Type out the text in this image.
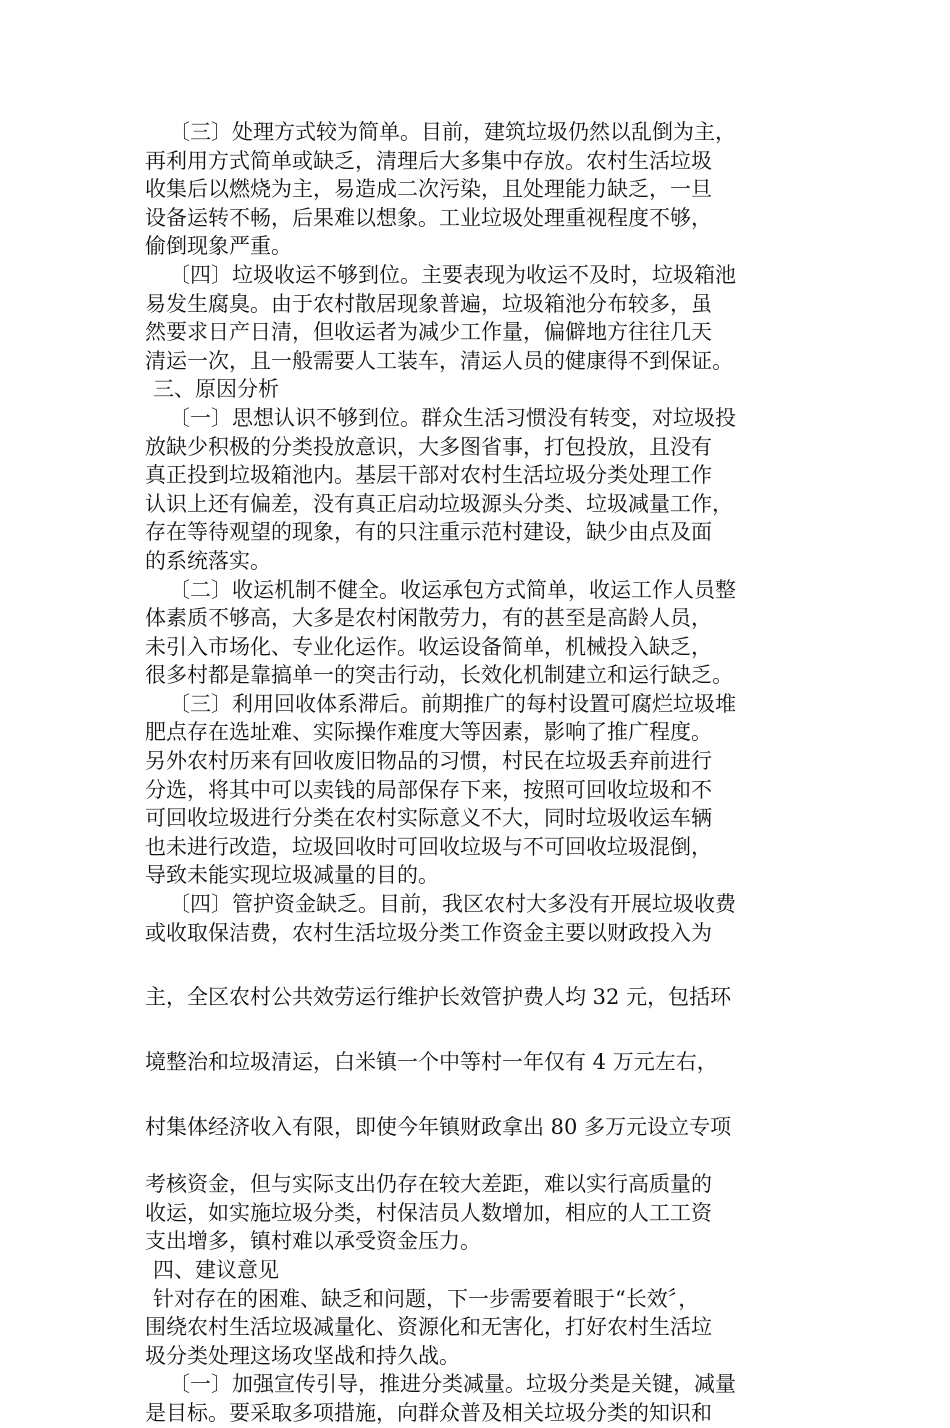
〔三〕处理方式较为简单。目前，建筑垃圾仍然以乱倒为主，
再利用方式简单或缺乏，清理后大多集中存放。农村生活垃圾
收集后以燃烧为主，易造成二次污染，且处理能力缺乏，一旦
设备运转不畅，后果难以想象。工业垃圾处理重视程度不够，
偷倒现象严重。
〔四〕垃圾收运不够到位。主要表现为收运不及时，垃圾箱池
易发生腐臭。由于农村散居现象普遍，垃圾箱池分布较多，虽
然要求日产日清，但收运者为减少工作量，偏僻地方往往几天
清运一次，且一般需要人工装车，清运人员的健康得不到保证。
三、原因分析
〔一〕思想认识不够到位。群众生活习惯没有转变，对垃圾投
放缺少积极的分类投放意识，大多图省事，打包投放，且没有
真正投到垃圾箱池内。基层干部对农村生活垃圾分类处理工作
认识上还有偏差，没有真正启动垃圾源头分类、垃圾减量工作，
存在等待观望的现象，有的只注重示范村建设，缺少由点及面
的系统落实。
〔二〕收运机制不健全。收运承包方式简单，收运工作人员整
体素质不够高，大多是农村闲散劳力，有的甚至是高龄人员，
未引入市场化、专业化运作。收运设备简单，机械投入缺乏，
很多村都是靠搞单一的突击行动，长效化机制建立和运行缺乏。
〔三〕利用回收体系滞后。前期推广的每村设置可腐烂垃圾堆
肥点存在选址难、实际操作难度大等因素，影响了推广程度。
另外农村历来有回收废旧物品的习惯，村民在垃圾丢弃前进行
分选，将其中可以卖钱的局部保存下来，按照可回收垃圾和不
可回收垃圾进行分类在农村实际意义不大，同时垃圾收运车辆
也未进行改造，垃圾回收时可回收垃圾与不可回收垃圾混倒，
导致未能实现垃圾减量的目的。
〔四〕管护资金缺乏。目前，我区农村大多没有开展垃圾收费
或收取保洁费，农村生活垃圾分类工作资金主要以财政投入为
主，全区农村公共效劳运行维护长效管护费人均 32 元，包括环
境整治和垃圾清运，白米镇一个中等村一年仅有 4 万元左右，
村集体经济收入有限，即使今年镇财政拿出 80 多万元设立专项
考核资金，但与实际支出仍存在较大差距，难以实行高质量的
收运，如实施垃圾分类，村保洁员人数增加，相应的人工工资
支出增多，镇村难以承受资金压力。
四、建议意见
针对存在的困难、缺乏和问题，下一步需要着眼于“长效〞，
围绕农村生活垃圾减量化、资源化和无害化，打好农村生活垃
圾分类处理这场攻坚战和持久战。
〔一〕加强宣传引导，推进分类减量。垃圾分类是关键，减量
是目标。要采取多项措施，向群众普及相关垃圾分类的知识和
